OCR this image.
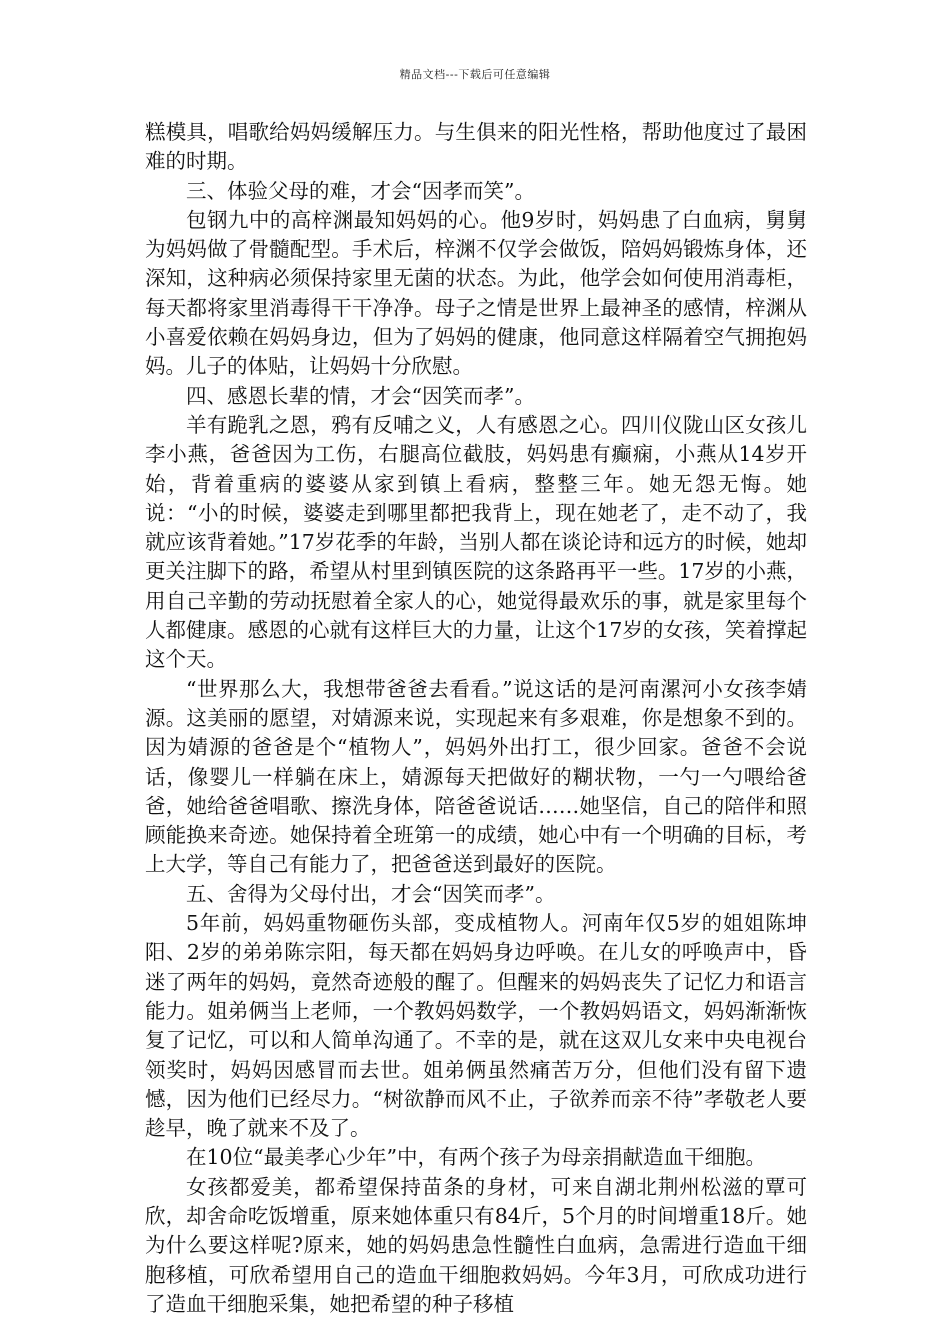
精品文档---下载后可任意编辑

糕模具，唱歌给妈妈缓解压力。与生俱来的阳光性格，帮助他度过了最困难的时期。

三、体验父母的难，才会“因孝而笑”。

包钢九中的高梓渊最知妈妈的心。他9岁时，妈妈患了白血病，舅舅为妈妈做了骨髓配型。手术后，梓渊不仅学会做饭，陪妈妈锻炼身体，还深知，这种病必须保持家里无菌的状态。为此，他学会如何使用消毒柜，每天都将家里消毒得干干净净。母子之情是世界上最神圣的感情，梓渊从小喜爱依赖在妈妈身边，但为了妈妈的健康，他同意这样隔着空气拥抱妈妈。儿子的体贴，让妈妈十分欣慰。

四、感恩长辈的情，才会“因笑而孝”。

羊有跪乳之恩，鸦有反哺之义，人有感恩之心。四川仪陇山区女孩儿李小燕，爸爸因为工伤，右腿高位截肢，妈妈患有癫痫，小燕从14岁开始，背着重病的婆婆从家到镇上看病，整整三年。她无怨无悔。她说：“小的时候，婆婆走到哪里都把我背上，现在她老了，走不动了，我就应该背着她。”17岁花季的年龄，当别人都在谈论诗和远方的时候，她却更关注脚下的路，希望从村里到镇医院的这条路再平一些。17岁的小燕，用自己辛勤的劳动抚慰着全家人的心，她觉得最欢乐的事，就是家里每个人都健康。感恩的心就有这样巨大的力量，让这个17岁的女孩，笑着撑起这个天。

“世界那么大，我想带爸爸去看看。”说这话的是河南漯河小女孩李婧源。这美丽的愿望，对婧源来说，实现起来有多艰难，你是想象不到的。因为婧源的爸爸是个“植物人”，妈妈外出打工，很少回家。爸爸不会说话，像婴儿一样躺在床上，婧源每天把做好的糊状物，一勺一勺喂给爸爸，她给爸爸唱歌、擦洗身体，陪爸爸说话……她坚信，自己的陪伴和照顾能换来奇迹。她保持着全班第一的成绩，她心中有一个明确的目标，考上大学，等自己有能力了，把爸爸送到最好的医院。

五、舍得为父母付出，才会“因笑而孝”。

5年前，妈妈重物砸伤头部，变成植物人。河南年仅5岁的姐姐陈坤阳、2岁的弟弟陈宗阳，每天都在妈妈身边呼唤。在儿女的呼唤声中，昏迷了两年的妈妈，竟然奇迹般的醒了。但醒来的妈妈丧失了记忆力和语言能力。姐弟俩当上老师，一个教妈妈数学，一个教妈妈语文，妈妈渐渐恢复了记忆，可以和人简单沟通了。不幸的是，就在这双儿女来中央电视台领奖时，妈妈因感冒而去世。姐弟俩虽然痛苦万分，但他们没有留下遗憾，因为他们已经尽力。“树欲静而风不止，子欲养而亲不待”孝敬老人要趁早，晚了就来不及了。

在10位“最美孝心少年”中，有两个孩子为母亲捐献造血干细胞。

女孩都爱美，都希望保持苗条的身材，可来自湖北荆州松滋的覃可欣，却舍命吃饭增重，原来她体重只有84斤，5个月的时间增重18斤。她为什么要这样呢?原来，她的妈妈患急性髓性白血病，急需进行造血干细胞移植，可欣希望用自己的造血干细胞救妈妈。今年3月，可欣成功进行了造血干细胞采集，她把希望的种子移植
